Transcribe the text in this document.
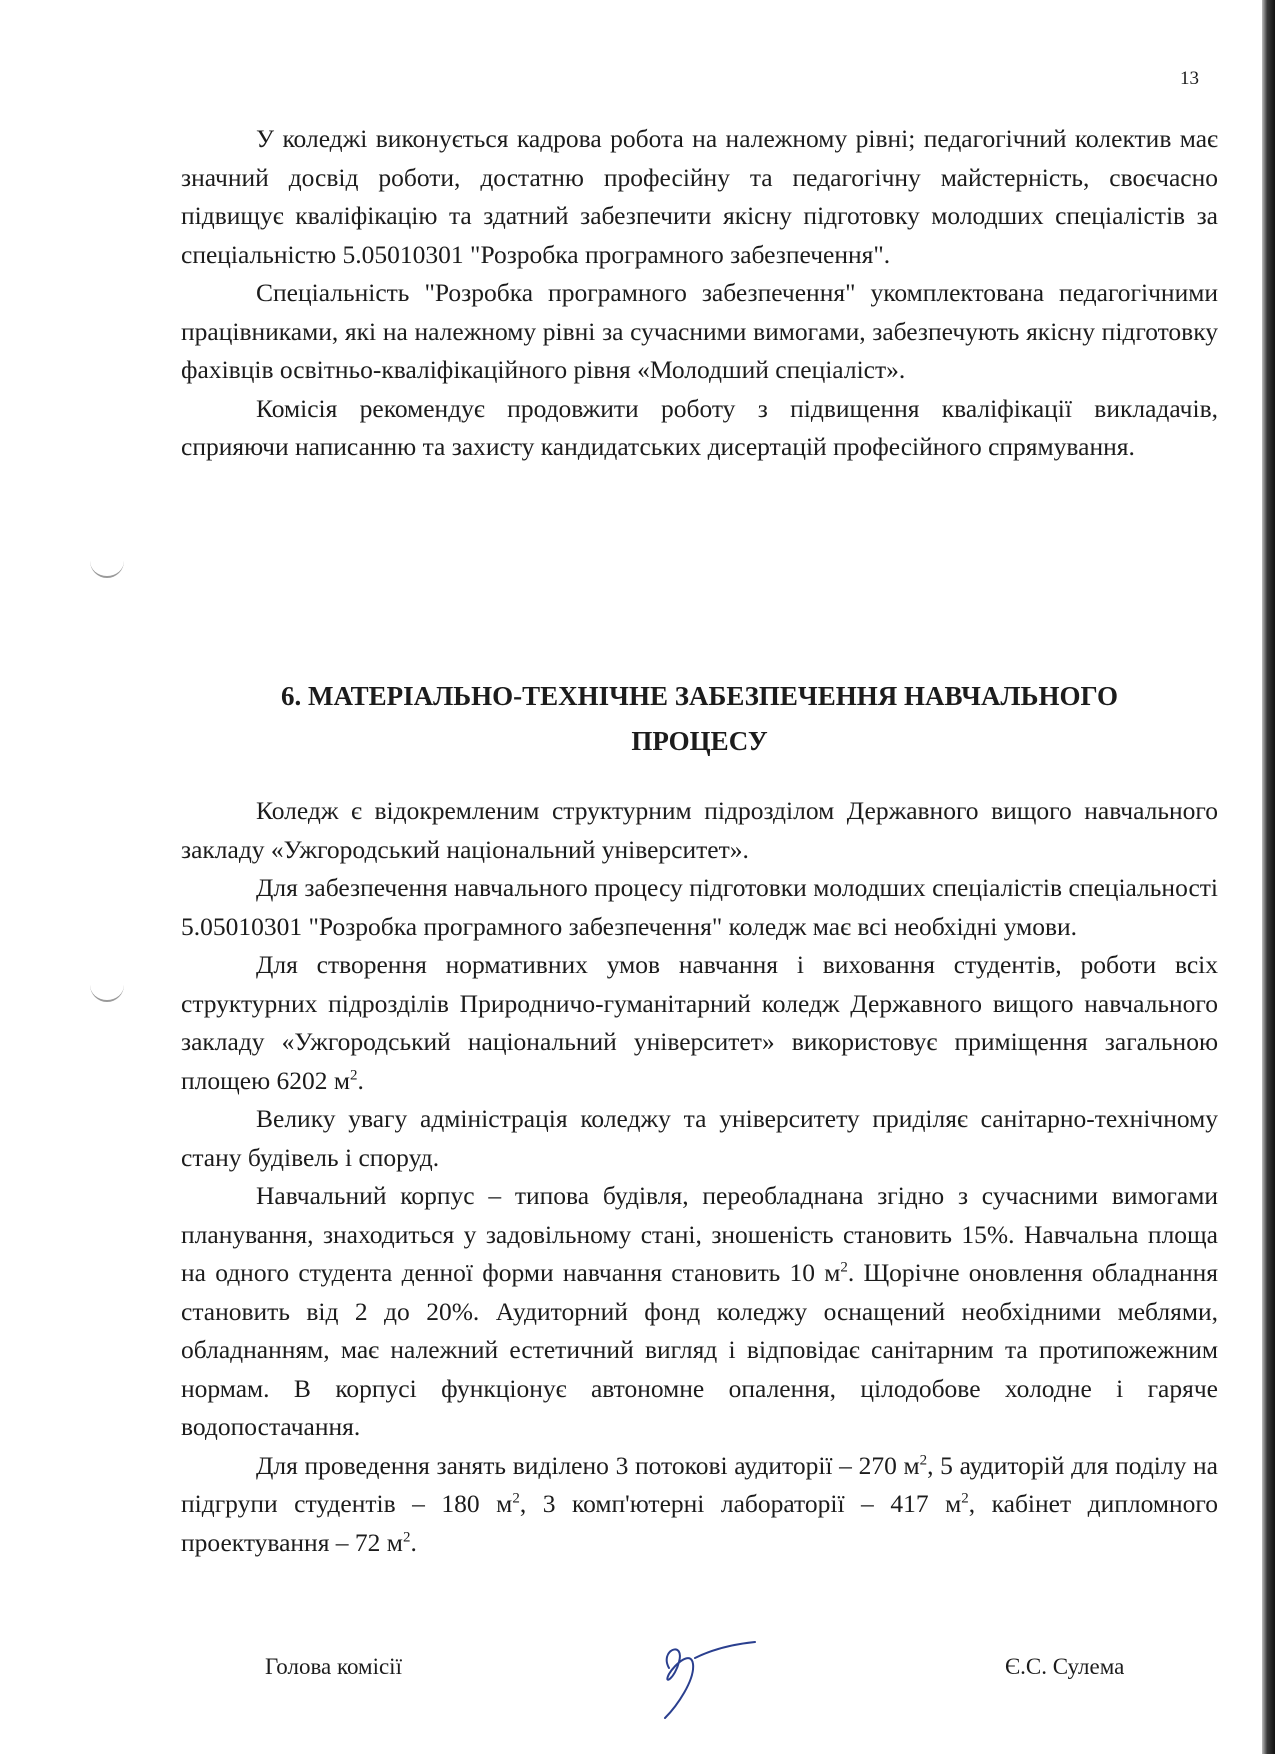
13

У коледжі виконується кадрова робота на належному рівні; педагогічний колектив має значний досвід роботи, достатню професійну та педагогічну майстерність, своєчасно підвищує кваліфікацію та здатний забезпечити якісну підготовку молодших спеціалістів за спеціальністю 5.05010301 "Розробка програмного забезпечення".

Спеціальність "Розробка програмного забезпечення" укомплектована педагогічними працівниками, які на належному рівні за сучасними вимогами, забезпечують якісну підготовку фахівців освітньо-кваліфікаційного рівня «Молодший спеціаліст».

Комісія рекомендує продовжити роботу з підвищення кваліфікації викладачів, сприяючи написанню та захисту кандидатських дисертацій професійного спрямування.

6. МАТЕРІАЛЬНО-ТЕХНІЧНЕ ЗАБЕЗПЕЧЕННЯ НАВЧАЛЬНОГО
ПРОЦЕСУ

Коледж є відокремленим структурним підрозділом Державного вищого навчального закладу «Ужгородський національний університет».

Для забезпечення навчального процесу підготовки молодших спеціалістів спеціальності 5.05010301 "Розробка програмного забезпечення" коледж має всі необхідні умови.

Для створення нормативних умов навчання і виховання студентів, роботи всіх структурних підрозділів Природничо-гуманітарний коледж Державного вищого навчального закладу «Ужгородський національний університет» використовує приміщення загальною площею 6202 $м^2$.

Велику увагу адміністрація коледжу та університету приділяє санітарно-технічному стану будівель і споруд.

Навчальний корпус – типова будівля, переобладнана згідно з сучасними вимогами планування, знаходиться у задовільному стані, зношеність становить 15%. Навчальна площа на одного студента денної форми навчання становить 10 $м^2$. Щорічне оновлення обладнання становить від 2 до 20%. Аудиторний фонд коледжу оснащений необхідними меблями, обладнанням, має належний естетичний вигляд і відповідає санітарним та протипожежним нормам. В корпусі функціонує автономне опалення, цілодобове холодне і гаряче водопостачання.

Для проведення занять виділено 3 потокові аудиторії – 270 $м^2$, 5 аудиторій для поділу на підгрупи студентів – 180 $м^2$, 3 комп'ютерні лабораторії – 417 $м^2$, кабінет дипломного проектування – 72 $м^2$.

Голова комісії	Є.С. Сулема
